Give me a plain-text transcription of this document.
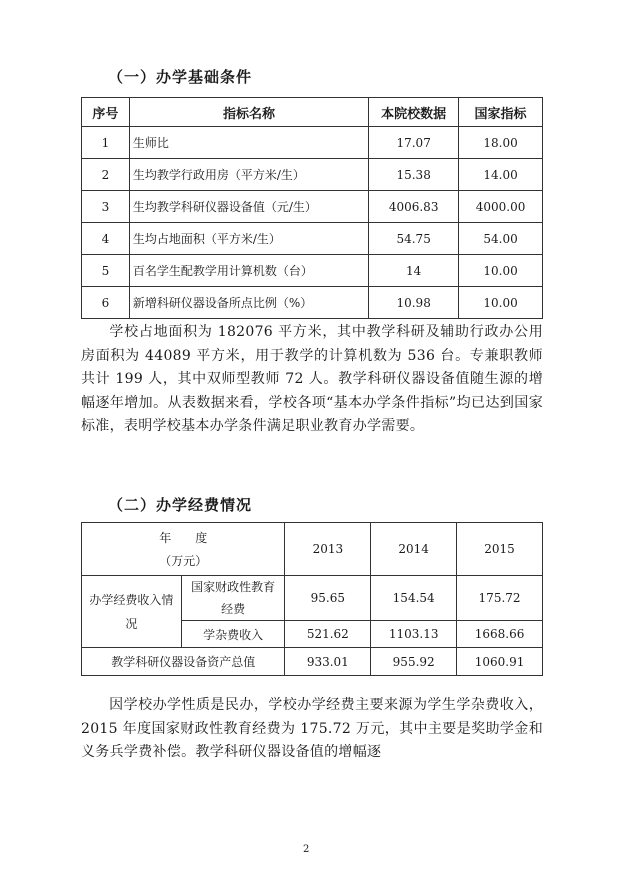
（一）办学基础条件
序号	指标名称	本院校数据	国家指标
1	生师比	17.07	18.00
2	生均教学行政用房（平方米/生）	15.38	14.00
3	生均教学科研仪器设备值（元/生）	4006.83	4000.00
4	生均占地面积（平方米/生）	54.75	54.00
5	百名学生配教学用计算机数（台）	14	10.00
6	新增科研仪器设备所点比例（%）	10.98	10.00
学校占地面积为 182076 平方米，其中教学科研及辅助行政办公用房面积为 44089 平方米，用于教学的计算机数为 536 台。专兼职教师共计 199 人，其中双师型教师 72 人。教学科研仪器设备值随生源的增幅逐年增加。从表数据来看，学校各项“基本办学条件指标”均已达到国家标准，表明学校基本办学条件满足职业教育办学需要。
（二）办学经费情况
年　　度
（万元）		2013	2014	2015
办学经费收入情况	国家财政性教育经费	95.65	154.54	175.72
	学杂费收入	521.62	1103.13	1668.66
教学科研仪器设备资产总值		933.01	955.92	1060.91
因学校办学性质是民办，学校办学经费主要来源为学生学杂费收入，2015 年度国家财政性教育经费为 175.72 万元，其中主要是奖助学金和义务兵学费补偿。教学科研仪器设备值的增幅逐
2
